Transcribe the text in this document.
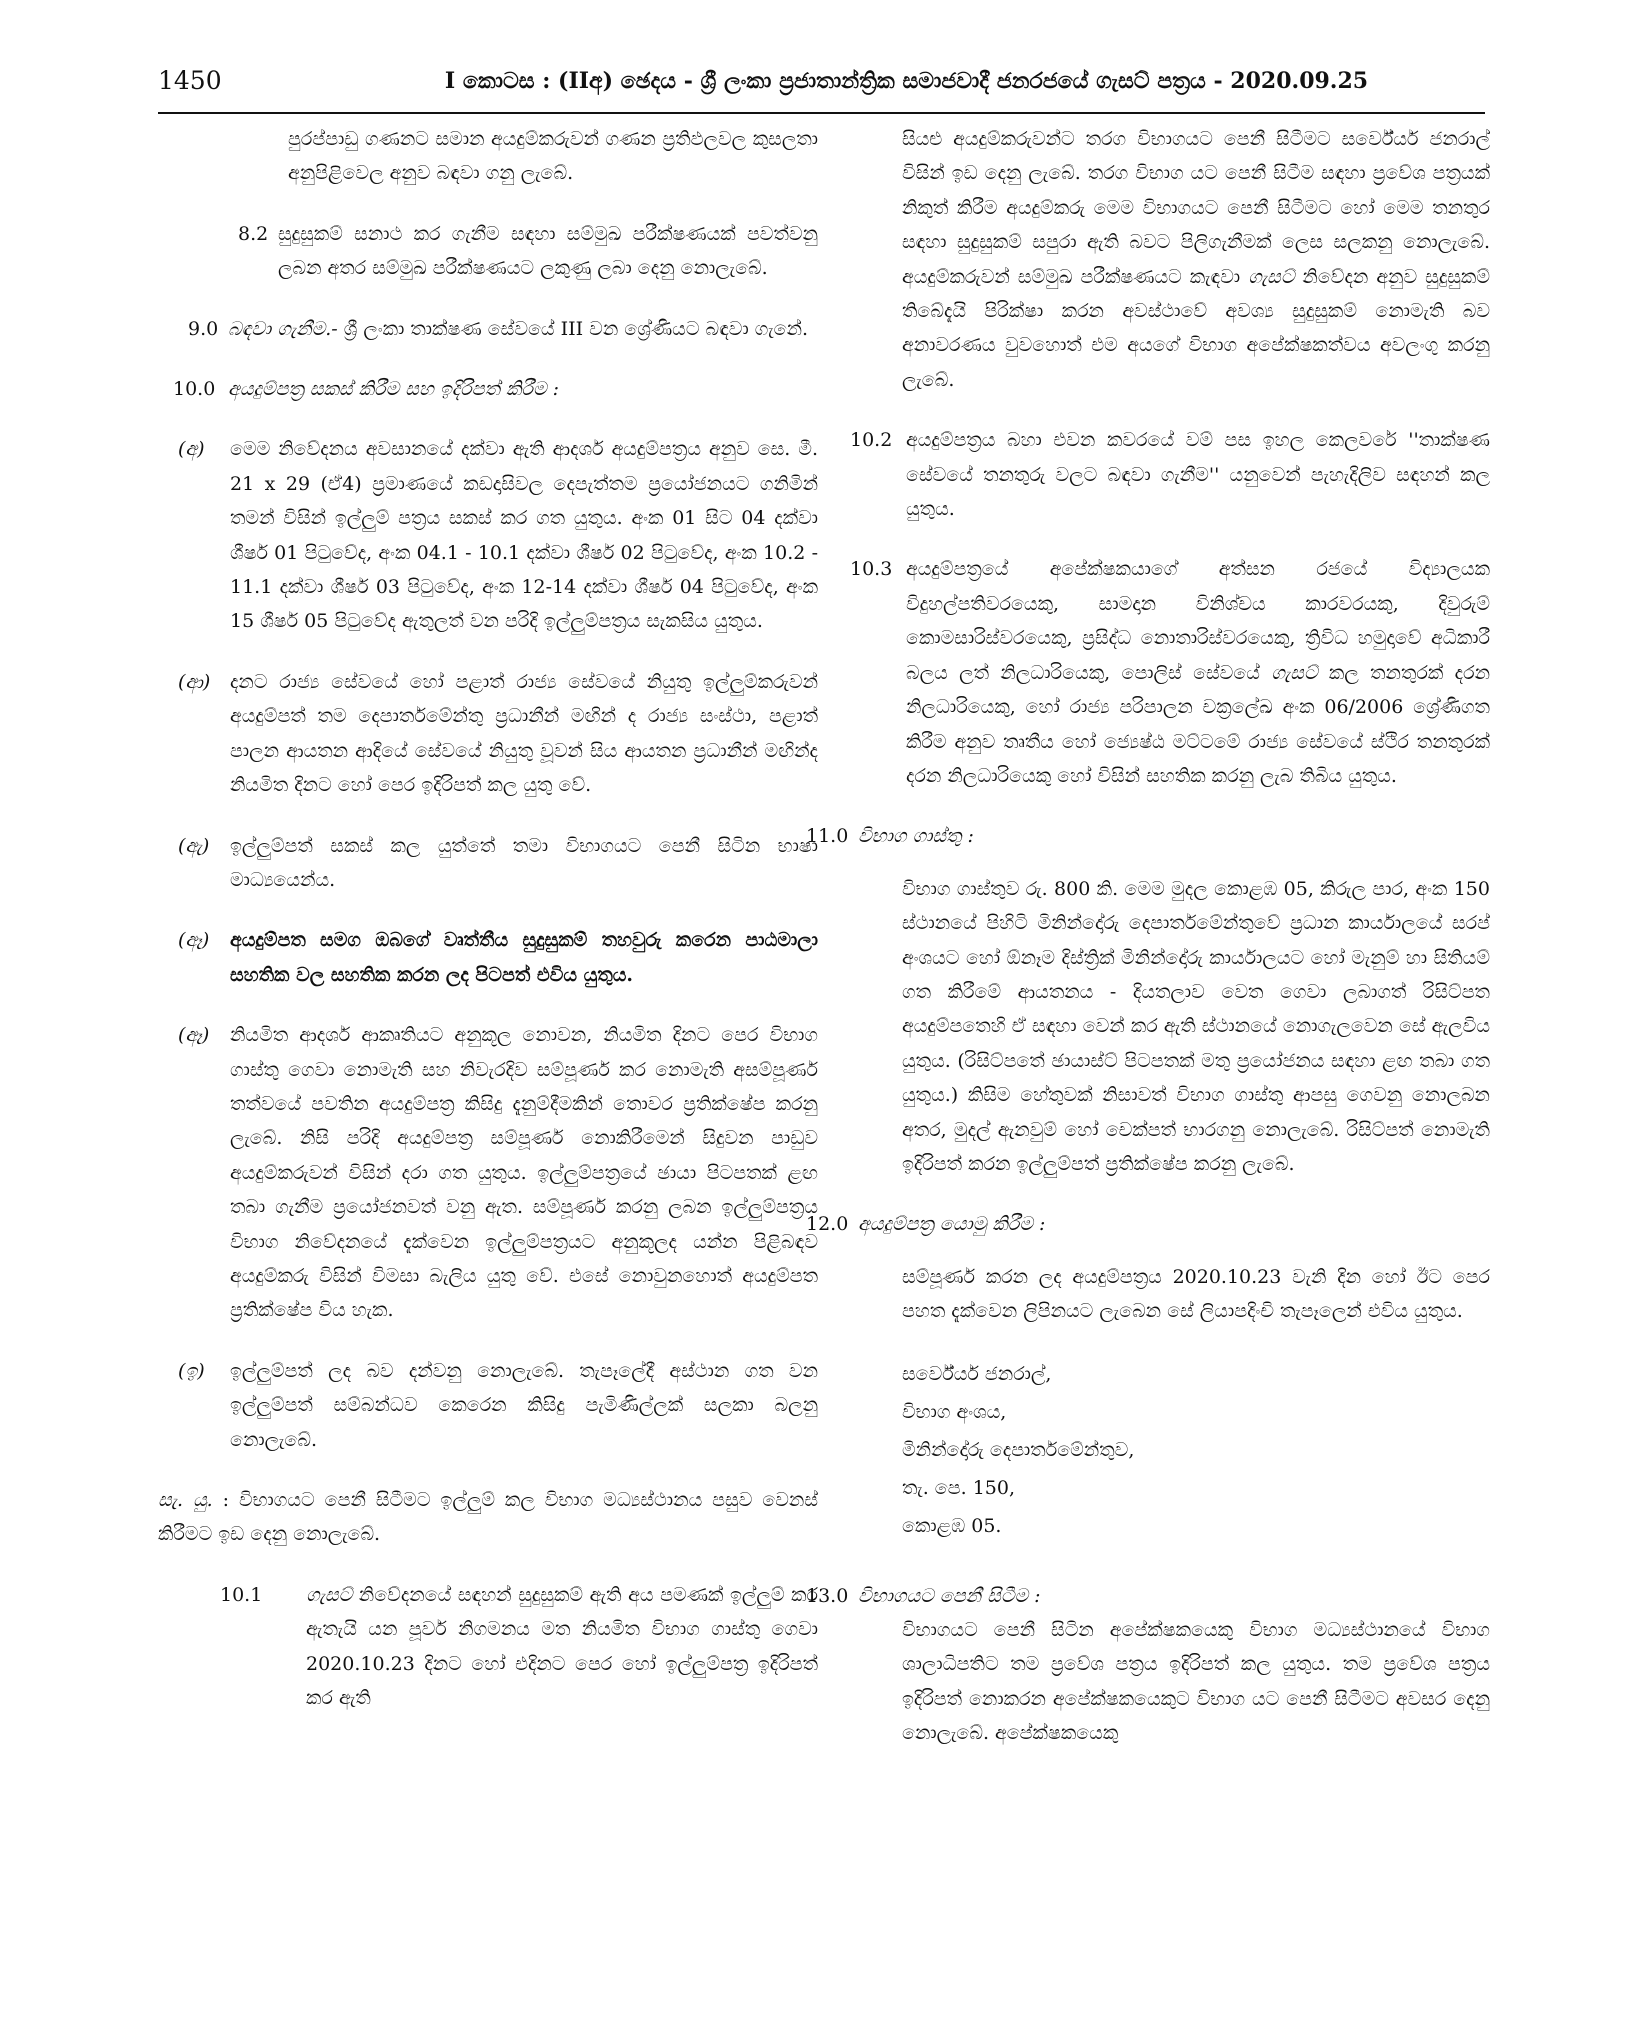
1450	I කොටස : (IIඅ) ඡෙදය - ශ්‍රී ලංකා ප්‍රජාතාන්ත්‍රික සමාජවාදී ජනරජයේ ගැසට් පත්‍රය - 2020.09.25

පුරප්පාඩු ගණනට සමාන අයදුම්කරුවන් ගණන ප්‍රතිඵලවල කුසලතා අනුපිළිවෙල අනුව බඳවා ගනු ලැබේ.

8.2 සුදුසුකම් සනාථ කර ගැනීම සඳහා සම්මුඛ පරීක්ෂණයක් පවත්වනු ලබන අතර සම්මුඛ පරීක්ෂණයට ලකුණු ලබා දෙනු නොලැබේ.

9.0 බඳවා ගැනීම.- ශ්‍රී ලංකා තාක්ෂණ සේවයේ III වන ශ්‍රේණියට බඳවා ගැනේ.

10.0 අයදුම්පත්‍ර සකස් කිරීම සහ ඉදිරිපත් කිරීම :

(අ)	මෙම නිවේදනය අවසානයේ දක්වා ඇති ආදර්ශ අයදුම්පත්‍රය අනුව සෙ. මී. 21 x 29 (ඒ4) ප්‍රමාණයේ කඩදාසිවල දෙපැත්තම ප්‍රයෝජනයට ගනිමින් තමන් විසින් ඉල්ලුම් පත්‍රය සකස් කර ගත යුතුය. අංක 01 සිට 04 දක්වා ශීර්ෂ 01 පිටුවේද, අංක 04.1 - 10.1 දක්වා ශීර්ෂ 02 පිටුවේද, අංක 10.2 - 11.1 දක්වා ශීර්ෂ 03 පිටුවේද, අංක 12-14 දක්වා ශීර්ෂ 04 පිටුවේද, අංක 15 ශීර්ෂ 05 පිටුවේද ඇතුලත් වන පරිදි ඉල්ලුම්පත්‍රය සැකසිය යුතුය.

(ආ)	දනට රාජ්‍ය සේවයේ හෝ පළාත් රාජ්‍ය සේවයේ නියුතු ඉල්ලුම්කරුවන් අයදුම්පත් තම දෙපාර්තමේන්තු ප්‍රධානීන් මඟින් ද රාජ්‍ය සංස්ථා, පළාත් පාලන ආයතන ආදියේ සේවයේ නියුතු වූවන් සිය ආයතන ප්‍රධානීන් මඟින්ද නියමිත දිනට හෝ පෙර ඉදිරිපත් කල යුතු වේ.

(ඇ)	ඉල්ලුම්පත් සකස් කල යුත්තේ තමා විභාගයට පෙනී සිටින භාෂා මාධ්‍යයෙන්ය.

(ඈ)	අයදුම්පත සමග ඔබගේ වෘත්තීය සුදුසුකම් තහවුරු කරෙන පාඨමාලා සහතික වල සහතික කරන ලද පිටපත් එවිය යුතුය.

(ඈ)	නියමිත ආදර්ශ ආකෘතියට අනුකූල නොවන, නියමිත දිනට පෙර විභාග ගාස්තු ගෙවා නොමැති සහ නිවැරදිව සම්පූර්ණ කර නොමැති අසම්පූර්ණ තත්වයේ පවතින අයදුම්පත්‍ර කිසිදු දැනුම්දීමකින් තොවර ප්‍රතික්ෂේප කරනු ලැබේ. නිසි පරිදි අයදුම්පත්‍ර සම්පූර්ණ නොකිරීමෙන් සිදුවන පාඩුව අයදුම්කරුවන් විසින් දරා ගත යුතුය. ඉල්ලුම්පත්‍රයේ ඡායා පිටපතක් ළඟ තබා ගැනීම ප්‍රයෝජනවත් වනු ඇත. සම්පූර්ණ කරනු ලබන ඉල්ලුම්පත්‍රය විභාග නිවේදනයේ දැක්වෙන ඉල්ලුම්පත්‍රයට අනුකූලද යන්න පිළිබඳව අයදුම්කරු විසින් විමසා බැලිය යුතු වේ. එසේ නොවුනහොත් අයදුම්පත ප්‍රතික්ෂේප විය හැක.

(ඉ)	ඉල්ලුම්පත් ලද බව දන්වනු නොලැබේ. තැපෑලේදී අස්ථාන ගත වන ඉල්ලුම්පත් සම්බන්ධව කෙරෙන කිසිදු පැමිණිල්ලක් සලකා බලනු නොලැබේ.

සැ. යු. : විභාගයට පෙනී සිටීමට ඉල්ලුම් කල විභාග මධ්‍යස්ථානය පසුව වෙනස් කිරීමට ඉඩ දෙනු නොලැබේ.

10.1	ගැසට් නිවේදනයේ සඳහන් සුදුසුකම් ඇති අය පමණක් ඉල්ලුම් කර ඇතැයි යන පූර්ව නිගමනය මත නියමිත විභාග ගාස්තු ගෙවා 2020.10.23 දිනට හෝ එදිනට පෙර හෝ ඉල්ලුම්පත්‍ර ඉදිරිපත් කර ඇති

සියළු අයදුම්කරුවන්ට තරග විභාගයට පෙනී සිටීමට සර්වේයර් ජනරාල් විසින් ඉඩ දෙනු ලැබේ. තරග විභාග යට පෙනී සිටීම සඳහා ප්‍රවේශ පත්‍රයක් නිකුත් කිරීම අයදුම්කරු මෙම විභාගයට පෙනී සිටීමට හෝ මෙම තනතුර සඳහා සුදුසුකම් සපුරා ඇති බවට පිලිගැනීමක් ලෙස සලකනු නොලැබේ. අයදුම්කරුවන් සම්මුඛ පරීක්ෂණයට කැඳවා ගැසට් නිවේදන අනුව සුදුසුකම් තිබේදැයි පිරික්ෂා කරන අවස්ථාවේ අවශ්‍ය සුදුසුකම් නොමැති බව අනාවරණය වුවහොත් එම අයගේ විභාග අපේක්ෂකත්වය අවලංගු කරනු ලැබේ.

10.2 අයදුම්පත්‍රය බහා එවන කවරයේ වම් පස ඉහල කෙලවරේ ''තාක්ෂණ සේවයේ තනතුරු වලට බඳවා ගැනීම'' යනුවෙන් පැහැදිලිව සඳහන් කල යුතුය.

10.3 අයදුම්පත්‍රයේ අපේක්ෂකයාගේ අත්සන රජයේ විද්‍යාලයක විදුහල්පතිවරයෙකු, සාමදාන විනිශ්චය කාරවරයකු, දිවුරුම් කොමසාරිස්වරයෙකු, ප්‍රසිද්ධ නොතාරිස්වරයෙකු, ත්‍රිවිධ හමුදාවේ අධිකාරී බලය ලත් නිලධාරියෙකු, පොලිස් සේවයේ ගැසට් කල තනතුරක් දරන නිලධාරියෙකු, හෝ රාජ්‍ය පරිපාලන චක්‍රලේඛ අංක 06/2006 ශ්‍රේණිගත කිරීම අනුව තෘතීය හෝ ජ්‍යෙෂ්ඨ මට්ටමේ රාජ්‍ය සේවයේ ස්ථිර තනතුරක් දරන නිලධාරියෙකු හෝ විසින් සහතික කරනු ලැබ තිබිය යුතුය.

11.0 විභාග ගාස්තු :

විභාග ගාස්තුව රු. 800 කි. මෙම මුදල කොළඹ 05, කිරුල පාර, අංක 150 ස්ථානයේ පිහිටි මිනින්දෝරු දෙපාර්තමේන්තුවේ ප්‍රධාන කාර්යාලයේ සරප් අංශයට හෝ ඕනෑම දිස්ත්‍රික් මිනින්දෝරු කාර්යාලයට හෝ මැනුම් හා සිතියම් ගත කිරීමේ ආයතනය - දියතලාව වෙත ගෙවා ලබාගත් රිසිට්පත අයදුම්පතෙහි ඒ සඳහා වෙන් කර ඇති ස්ථානයේ නොගැලවෙන සේ ඇලවිය යුතුය. (රිසිට්පතේ ඡායාස්ට් පිටපතක් මතු ප්‍රයෝජනය සඳහා ළඟ තබා ගත යුතුය.) කිසිම හේතුවක් නිසාවත් විභාග ගාස්තු ආපසු ගෙවනු නොලබන අතර, මුදල් ඇනවුම් හෝ චෙක්පත් භාරගනු නොලැබේ. රිසිට්පත් නොමැති ඉදිරිපත් කරන ඉල්ලුම්පත් ප්‍රතික්ෂේප කරනු ලැබේ.

12.0 අයදුම්පත්‍ර යොමු කිරීම :

සම්පූර්ණ කරන ලද අයදුම්පත්‍රය 2020.10.23 වැනි දින හෝ ඊට පෙර පහත දැක්වෙන ලිපිනයට ලැබෙන සේ ලියාපදිංචි තැපෑලෙන් එවිය යුතුය.

සර්වේයර් ජනරාල්,

විභාග අංශය,

මිනින්දෝරු දෙපාර්තමේන්තුව,

තැ. පෙ. 150,

කොළඹ 05.

13.0 විභාගයට පෙනී සිටීම :

විභාගයට පෙනී සිටින අපේක්ෂකයෙකු විභාග මධ්‍යස්ථානයේ විභාග ශාලාධිපතිට තම ප්‍රවේශ පත්‍රය ඉදිරිපත් කල යුතුය. තම ප්‍රවේශ පත්‍රය ඉදිරිපත් නොකරන අපේක්ෂකයෙකුට විභාග යට පෙනී සිටීමට අවසර දෙනු නොලැබේ. අපේක්ෂකයෙකු
